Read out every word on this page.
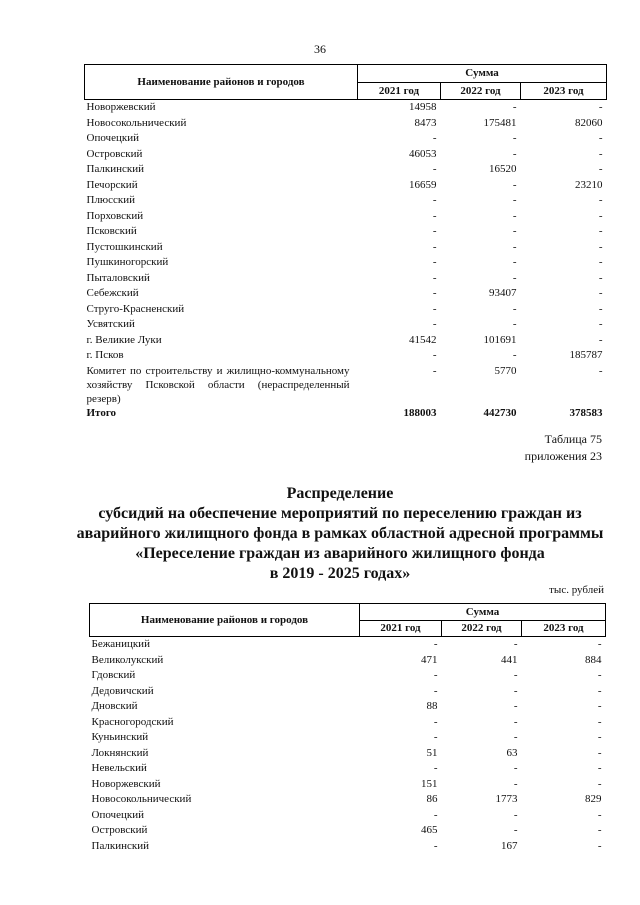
36
Наименование районов и городов	Сумма		
	2021 год	2022 год	2023 год
Новоржевский	14958	-	-
Новосокольнический	8473	175481	82060
Опочецкий	-	-	-
Островский	46053	-	-
Палкинский	-	16520	-
Печорский	16659	-	23210
Плюсский	-	-	-
Порховский	-	-	-
Псковский	-	-	-
Пустошкинский	-	-	-
Пушкиногорский	-	-	-
Пыталовский	-	-	-
Себежский	-	93407	-
Струго-Красненский	-	-	-
Усвятский	-	-	-
г. Великие Луки	41542	101691	-
г. Псков	-	-	185787
Комитет по строительству и жилищно-коммунальному хозяйству Псковской области (нераспределенный резерв)	-	5770	-
Итого	188003	442730	378583
Таблица 75
приложения 23
Распределение
субсидий на обеспечение мероприятий по переселению граждан из
аварийного жилищного фонда в рамках областной адресной программы
«Переселение граждан из аварийного жилищного фонда
в 2019 - 2025 годах»
тыс. рублей
Наименование районов и городов	Сумма		
	2021 год	2022 год	2023 год
Бежаницкий	-	-	-
Великолукский	471	441	884
Гдовский	-	-	-
Дедовичский	-	-	-
Дновский	88	-	-
Красногородский	-	-	-
Куньинский	-	-	-
Локнянский	51	63	-
Невельский	-	-	-
Новоржевский	151	-	-
Новосокольнический	86	1773	829
Опочецкий	-	-	-
Островский	465	-	-
Палкинский	-	167	-
